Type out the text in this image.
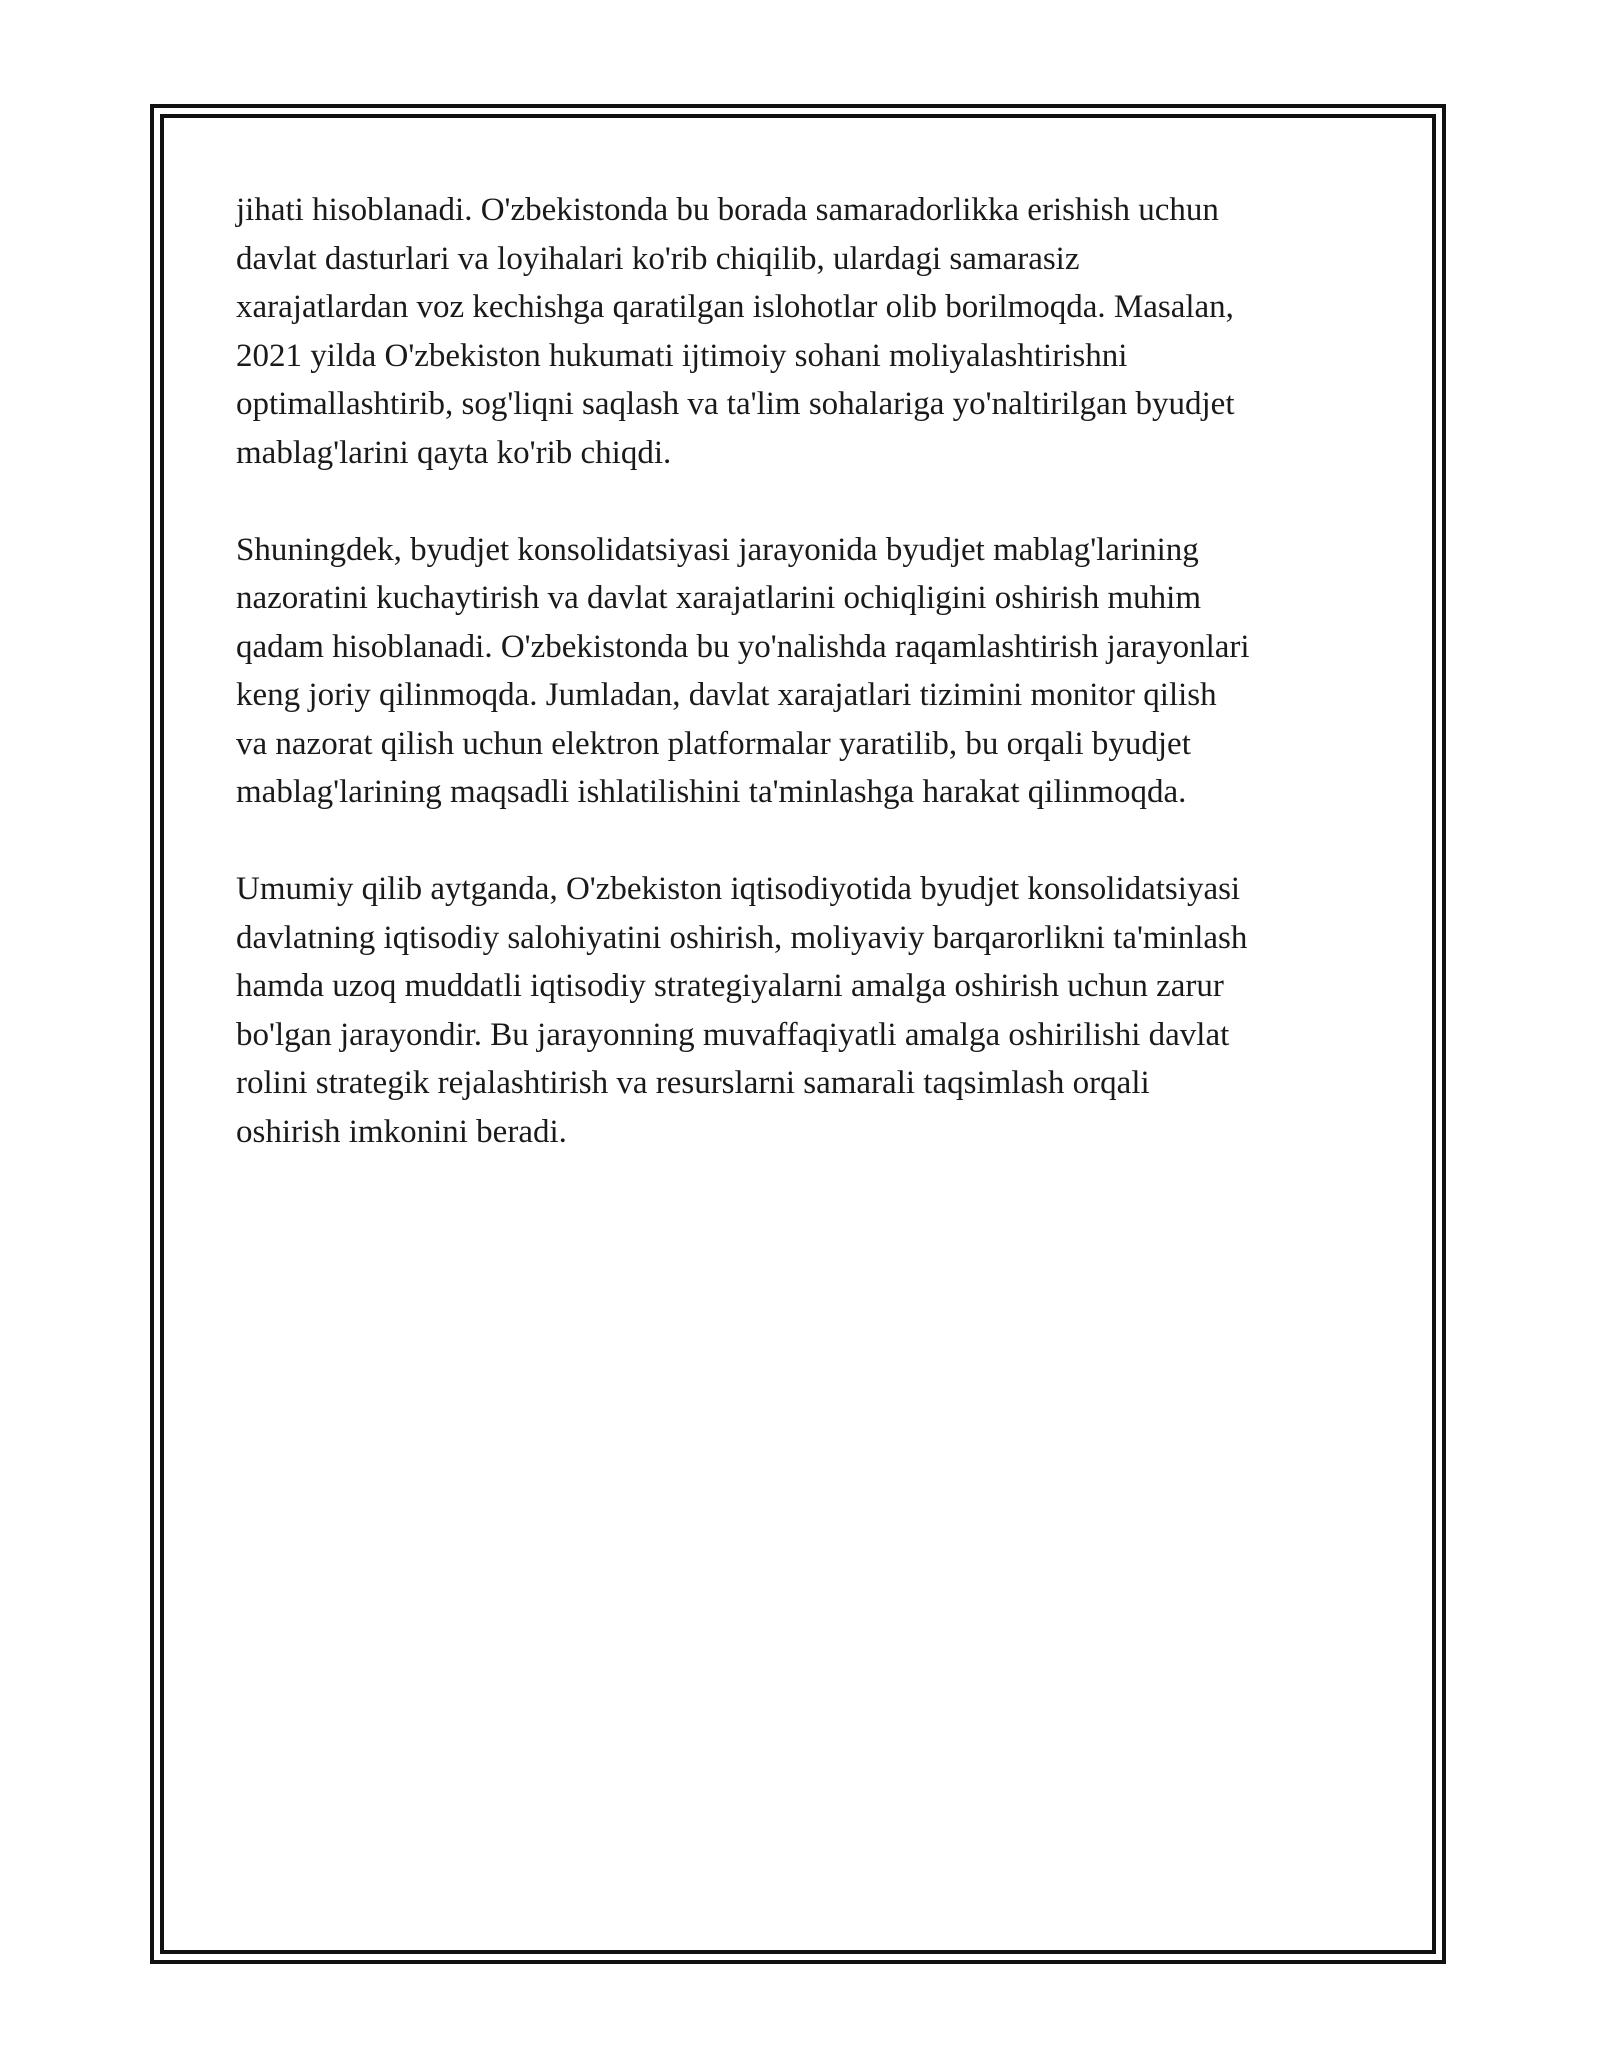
jihati hisoblanadi. O'zbekistonda bu borada samaradorlikka erishish uchun
davlat dasturlari va loyihalari ko'rib chiqilib, ulardagi samarasiz
xarajatlardan voz kechishga qaratilgan islohotlar olib borilmoqda. Masalan,
2021 yilda O'zbekiston hukumati ijtimoiy sohani moliyalashtirishni
optimallashtirib, sog'liqni saqlash va ta'lim sohalariga yo'naltirilgan byudjet
mablag'larini qayta ko'rib chiqdi.

Shuningdek, byudjet konsolidatsiyasi jarayonida byudjet mablag'larining
nazoratini kuchaytirish va davlat xarajatlarini ochiqligini oshirish muhim
qadam hisoblanadi. O'zbekistonda bu yo'nalishda raqamlashtirish jarayonlari
keng joriy qilinmoqda. Jumladan, davlat xarajatlari tizimini monitor qilish
va nazorat qilish uchun elektron platformalar yaratilib, bu orqali byudjet
mablag'larining maqsadli ishlatilishini ta'minlashga harakat qilinmoqda.

Umumiy qilib aytganda, O'zbekiston iqtisodiyotida byudjet konsolidatsiyasi
davlatning iqtisodiy salohiyatini oshirish, moliyaviy barqarorlikni ta'minlash
hamda uzoq muddatli iqtisodiy strategiyalarni amalga oshirish uchun zarur
bo'lgan jarayondir. Bu jarayonning muvaffaqiyatli amalga oshirilishi davlat
rolini strategik rejalashtirish va resurslarni samarali taqsimlash orqali
oshirish imkonini beradi.
